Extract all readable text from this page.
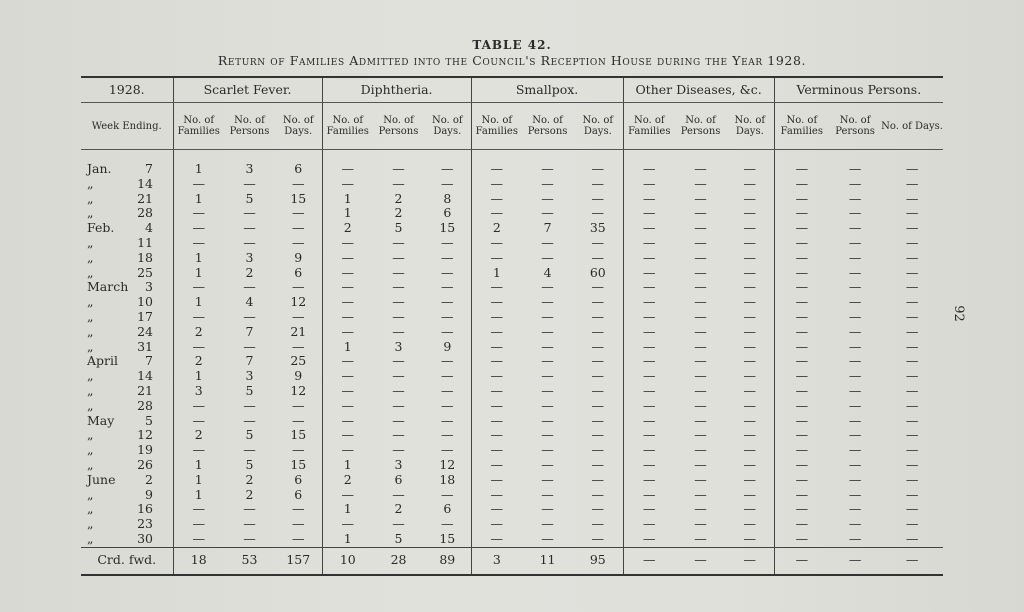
TABLE 42.
Return of Families Admitted into the Council's Reception House during the Year 1928.
92
1928.	Scarlet Fever.			Diphtheria.			Smallpox.			Other Diseases, &c.			Verminous Persons.		
Week Ending.	No. of Families	No. of Persons	No. of Days.	No. of Families	No. of Persons	No. of Days.	No. of Families	No. of Persons	No. of Days.	No. of Families	No. of Persons	No. of Days.	No. of Families	No. of Persons	No. of Days.
Jan. 7	1	3	6	—	—	—	—	—	—	—	—	—	—	—	—
„ 14	—	—	—	—	—	—	—	—	—	—	—	—	—	—	—
„ 21	1	5	15	1	2	8	—	—	—	—	—	—	—	—	—
„ 28	—	—	—	1	2	6	—	—	—	—	—	—	—	—	—
Feb. 4	—	—	—	2	5	15	2	7	35	—	—	—	—	—	—
„ 11	—	—	—	—	—	—	—	—	—	—	—	—	—	—	—
„ 18	1	3	9	—	—	—	—	—	—	—	—	—	—	—	—
„ 25	1	2	6	—	—	—	1	4	60	—	—	—	—	—	—
March 3	—	—	—	—	—	—	—	—	—	—	—	—	—	—	—
„ 10	1	4	12	—	—	—	—	—	—	—	—	—	—	—	—
„ 17	—	—	—	—	—	—	—	—	—	—	—	—	—	—	—
„ 24	2	7	21	—	—	—	—	—	—	—	—	—	—	—	—
„ 31	—	—	—	1	3	9	—	—	—	—	—	—	—	—	—
April 7	2	7	25	—	—	—	—	—	—	—	—	—	—	—	—
„ 14	1	3	9	—	—	—	—	—	—	—	—	—	—	—	—
„ 21	3	5	12	—	—	—	—	—	—	—	—	—	—	—	—
„ 28	—	—	—	—	—	—	—	—	—	—	—	—	—	—	—
May 5	—	—	—	—	—	—	—	—	—	—	—	—	—	—	—
„ 12	2	5	15	—	—	—	—	—	—	—	—	—	—	—	—
„ 19	—	—	—	—	—	—	—	—	—	—	—	—	—	—	—
„ 26	1	5	15	1	3	12	—	—	—	—	—	—	—	—	—
June 2	1	2	6	2	6	18	—	—	—	—	—	—	—	—	—
„ 9	1	2	6	—	—	—	—	—	—	—	—	—	—	—	—
„ 16	—	—	—	1	2	6	—	—	—	—	—	—	—	—	—
„ 23	—	—	—	—	—	—	—	—	—	—	—	—	—	—	—
„ 30	—	—	—	1	5	15	—	—	—	—	—	—	—	—	—
Crd. fwd.	18	53	157	10	28	89	3	11	95	—	—	—	—	—	—
